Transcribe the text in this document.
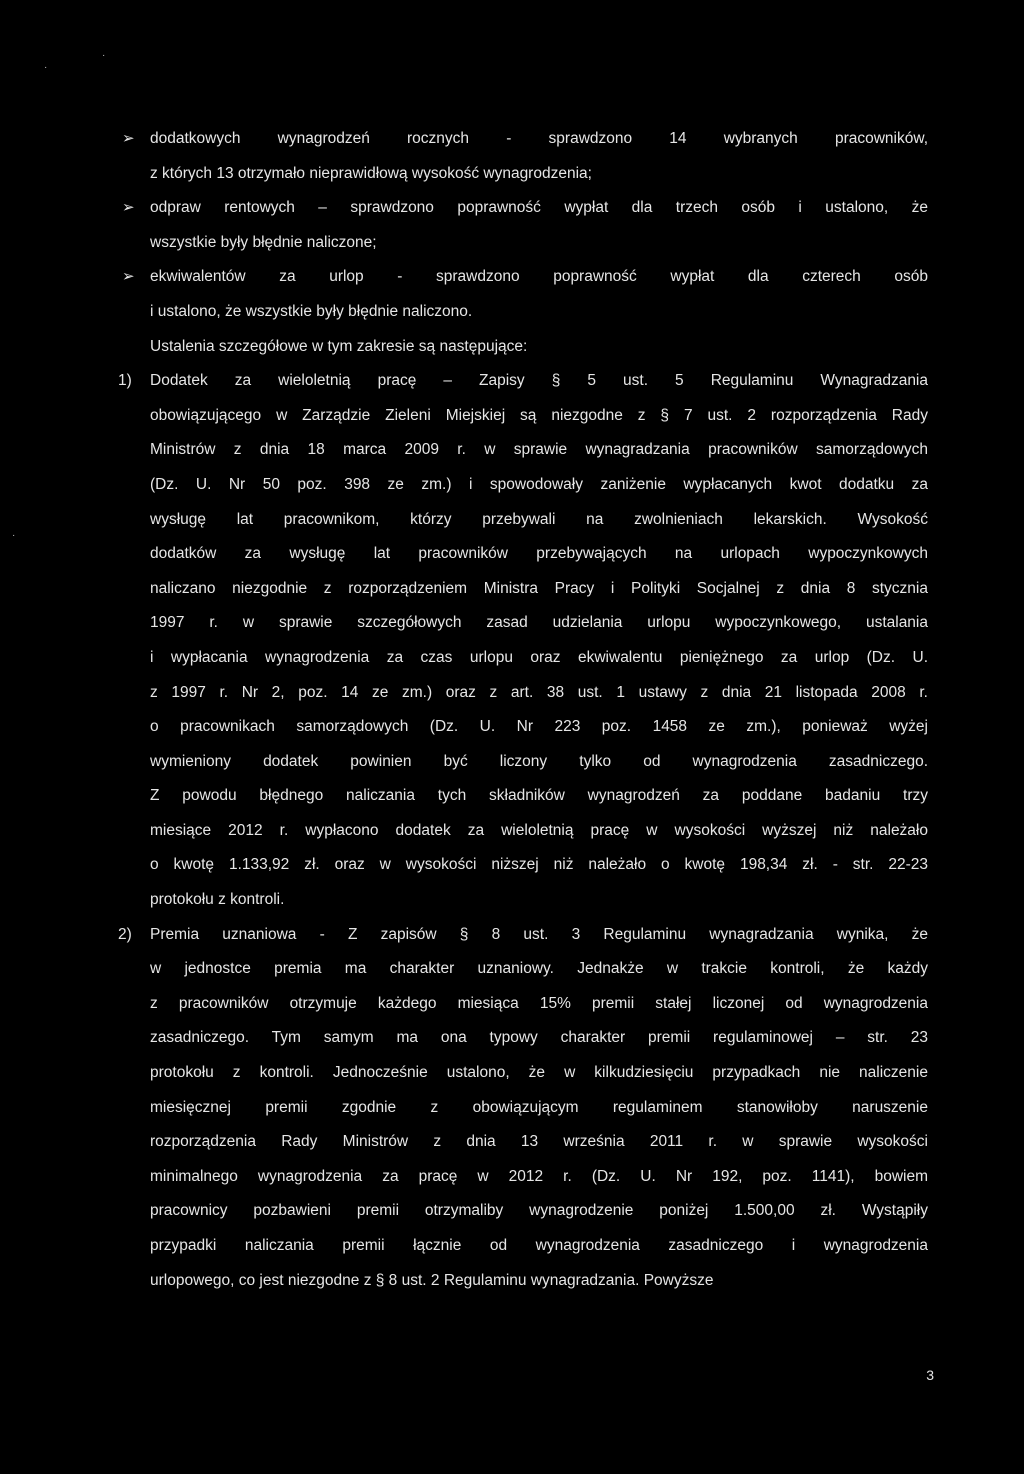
·
·
·
➢ dodatkowych wynagrodzeń rocznych - sprawdzono 14 wybranych pracowników,
z których 13 otrzymało nieprawidłową wysokość wynagrodzenia;
➢ odpraw rentowych – sprawdzono poprawność wypłat dla trzech osób i ustalono, że
wszystkie były błędnie naliczone;
➢ ekwiwalentów za urlop - sprawdzono poprawność wypłat dla czterech osób
i ustalono, że wszystkie były błędnie naliczono.
Ustalenia szczegółowe w tym zakresie są następujące:
1) Dodatek za wieloletnią pracę – Zapisy § 5 ust. 5 Regulaminu Wynagradzania
obowiązującego w Zarządzie Zieleni Miejskiej są niezgodne z § 7 ust. 2 rozporządzenia Rady
Ministrów z dnia 18 marca 2009 r. w sprawie wynagradzania pracowników samorządowych
(Dz. U. Nr 50 poz. 398 ze zm.) i spowodowały zaniżenie wypłacanych kwot dodatku za
wysługę lat pracownikom, którzy przebywali na zwolnieniach lekarskich. Wysokość
dodatków za wysługę lat pracowników przebywających na urlopach wypoczynkowych
naliczano niezgodnie z rozporządzeniem Ministra Pracy i Polityki Socjalnej z dnia 8 stycznia
1997 r. w sprawie szczegółowych zasad udzielania urlopu wypoczynkowego, ustalania
i wypłacania wynagrodzenia za czas urlopu oraz ekwiwalentu pieniężnego za urlop (Dz. U.
z 1997 r. Nr 2, poz. 14 ze zm.) oraz z art. 38 ust. 1 ustawy z dnia 21 listopada 2008 r.
o pracownikach samorządowych (Dz. U. Nr 223 poz. 1458 ze zm.), ponieważ wyżej
wymieniony dodatek powinien być liczony tylko od wynagrodzenia zasadniczego.
Z powodu błędnego naliczania tych składników wynagrodzeń za poddane badaniu trzy
miesiące 2012 r. wypłacono dodatek za wieloletnią pracę w wysokości wyższej niż należało
o kwotę 1.133,92 zł. oraz w wysokości niższej niż należało o kwotę 198,34 zł. - str. 22-23
protokołu z kontroli.
2) Premia uznaniowa - Z zapisów § 8 ust. 3 Regulaminu wynagradzania wynika, że
w jednostce premia ma charakter uznaniowy. Jednakże w trakcie kontroli, że każdy
z pracowników otrzymuje każdego miesiąca 15% premii stałej liczonej od wynagrodzenia
zasadniczego. Tym samym ma ona typowy charakter premii regulaminowej – str. 23
protokołu z kontroli. Jednocześnie ustalono, że w kilkudziesięciu przypadkach nie naliczenie
miesięcznej premii zgodnie z obowiązującym regulaminem stanowiłoby naruszenie
rozporządzenia Rady Ministrów z dnia 13 września 2011 r. w sprawie wysokości
minimalnego wynagrodzenia za pracę w 2012 r. (Dz. U. Nr 192, poz. 1141), bowiem
pracownicy pozbawieni premii otrzymaliby wynagrodzenie poniżej 1.500,00 zł. Wystąpiły
przypadki naliczania premii łącznie od wynagrodzenia zasadniczego i wynagrodzenia
urlopowego, co jest niezgodne z § 8 ust. 2 Regulaminu wynagradzania. Powyższe
3
